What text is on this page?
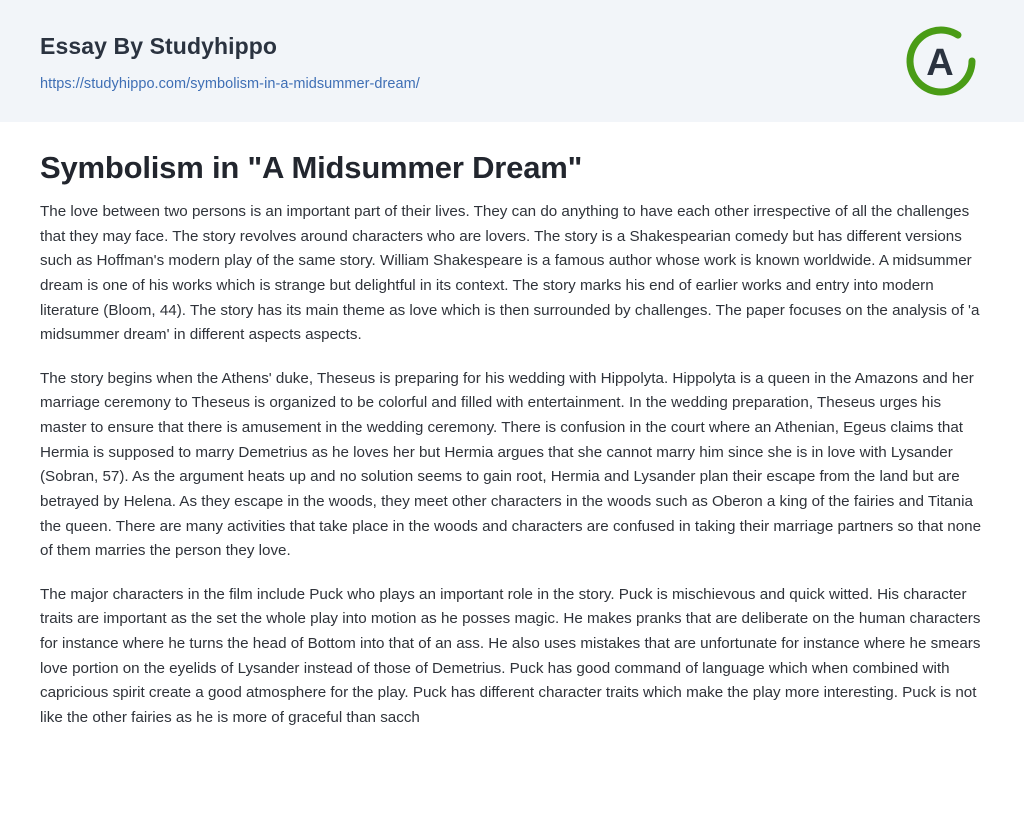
Essay By Studyhippo
https://studyhippo.com/symbolism-in-a-midsummer-dream/
A
Symbolism in "A Midsummer Dream"

The love between two persons is an important part of their lives. They can do anything to have each other irrespective of all the challenges that they may face. The story revolves around characters who are lovers. The story is a Shakespearian comedy but has different versions such as Hoffman's modern play of the same story. William Shakespeare is a famous author whose work is known worldwide. A midsummer dream is one of his works which is strange but delightful in its context. The story marks his end of earlier works and entry into modern literature (Bloom, 44). The story has its main theme as love which is then surrounded by challenges. The paper focuses on the analysis of 'a midsummer dream' in different aspects aspects.

The story begins when the Athens' duke, Theseus is preparing for his wedding with Hippolyta. Hippolyta is a queen in the Amazons and her marriage ceremony to Theseus is organized to be colorful and filled with entertainment. In the wedding preparation, Theseus urges his master to ensure that there is amusement in the wedding ceremony. There is confusion in the court where an Athenian, Egeus claims that Hermia is supposed to marry Demetrius as he loves her but Hermia argues that she cannot marry him since she is in love with Lysander (Sobran, 57). As the argument heats up and no solution seems to gain root, Hermia and Lysander plan their escape from the land but are betrayed by Helena. As they escape in the woods, they meet other characters in the woods such as Oberon a king of the fairies and Titania the queen. There are many activities that take place in the woods and characters are confused in taking their marriage partners so that none of them marries the person they love.

The major characters in the film include Puck who plays an important role in the story. Puck is mischievous and quick witted. His character traits are important as the set the whole play into motion as he posses magic. He makes pranks that are deliberate on the human characters for instance where he turns the head of Bottom into that of an ass. He also uses mistakes that are unfortunate for instance where he smears love portion on the eyelids of Lysander instead of those of Demetrius. Puck has good command of language which when combined with capricious spirit create a good atmosphere for the play. Puck has different character traits which make the play more interesting. Puck is not like the other fairies as he is more of graceful than sacch
